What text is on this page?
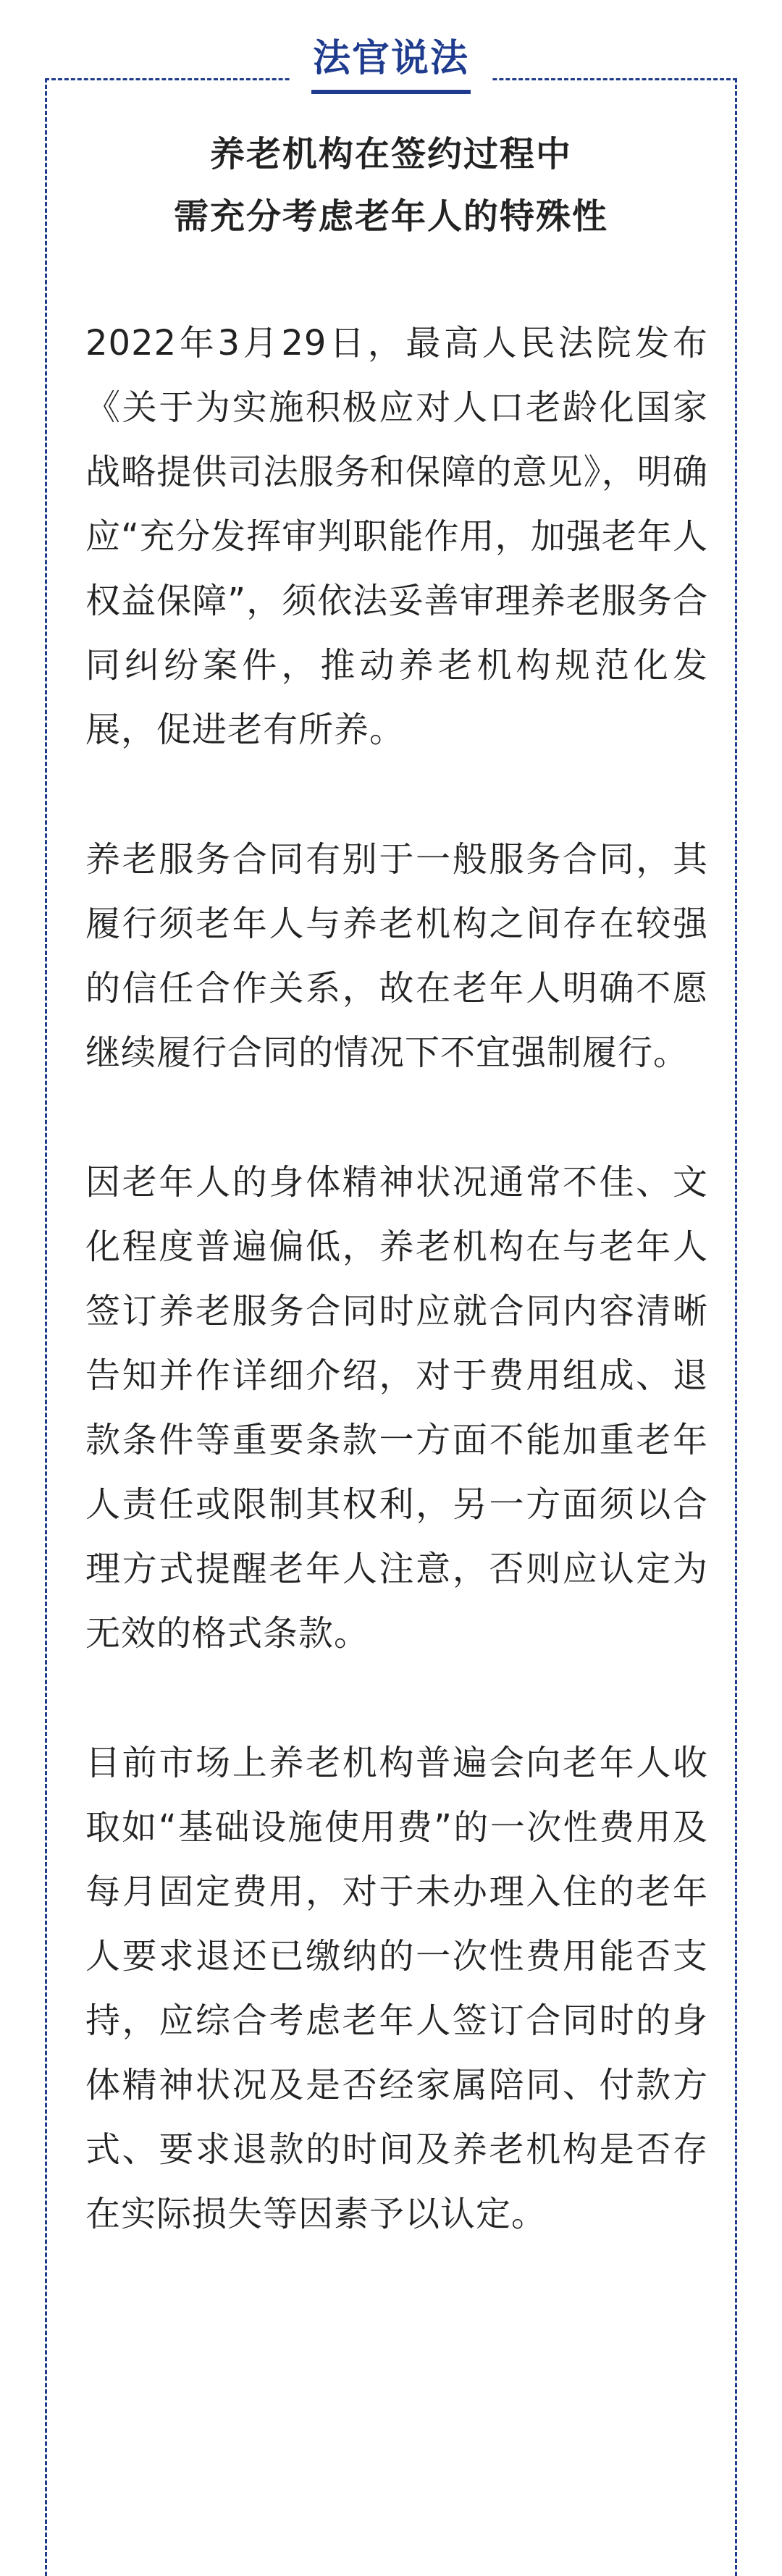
法官说法
养老机构在签约过程中
需充分考虑老年人的特殊性

2022年3月29日，最高人民法院发布《关于为实施积极应对人口老龄化国家战略提供司法服务和保障的意见》，明确应“充分发挥审判职能作用，加强老年人权益保障”，须依法妥善审理养老服务合同纠纷案件，推动养老机构规范化发展，促进老有所养。

养老服务合同有别于一般服务合同，其履行须老年人与养老机构之间存在较强的信任合作关系，故在老年人明确不愿继续履行合同的情况下不宜强制履行。

因老年人的身体精神状况通常不佳、文化程度普遍偏低，养老机构在与老年人签订养老服务合同时应就合同内容清晰告知并作详细介绍，对于费用组成、退款条件等重要条款一方面不能加重老年人责任或限制其权利，另一方面须以合理方式提醒老年人注意，否则应认定为无效的格式条款。

目前市场上养老机构普遍会向老年人收取如“基础设施使用费”的一次性费用及每月固定费用，对于未办理入住的老年人要求退还已缴纳的一次性费用能否支持，应综合考虑老年人签订合同时的身体精神状况及是否经家属陪同、付款方式、要求退款的时间及养老机构是否存在实际损失等因素予以认定。
